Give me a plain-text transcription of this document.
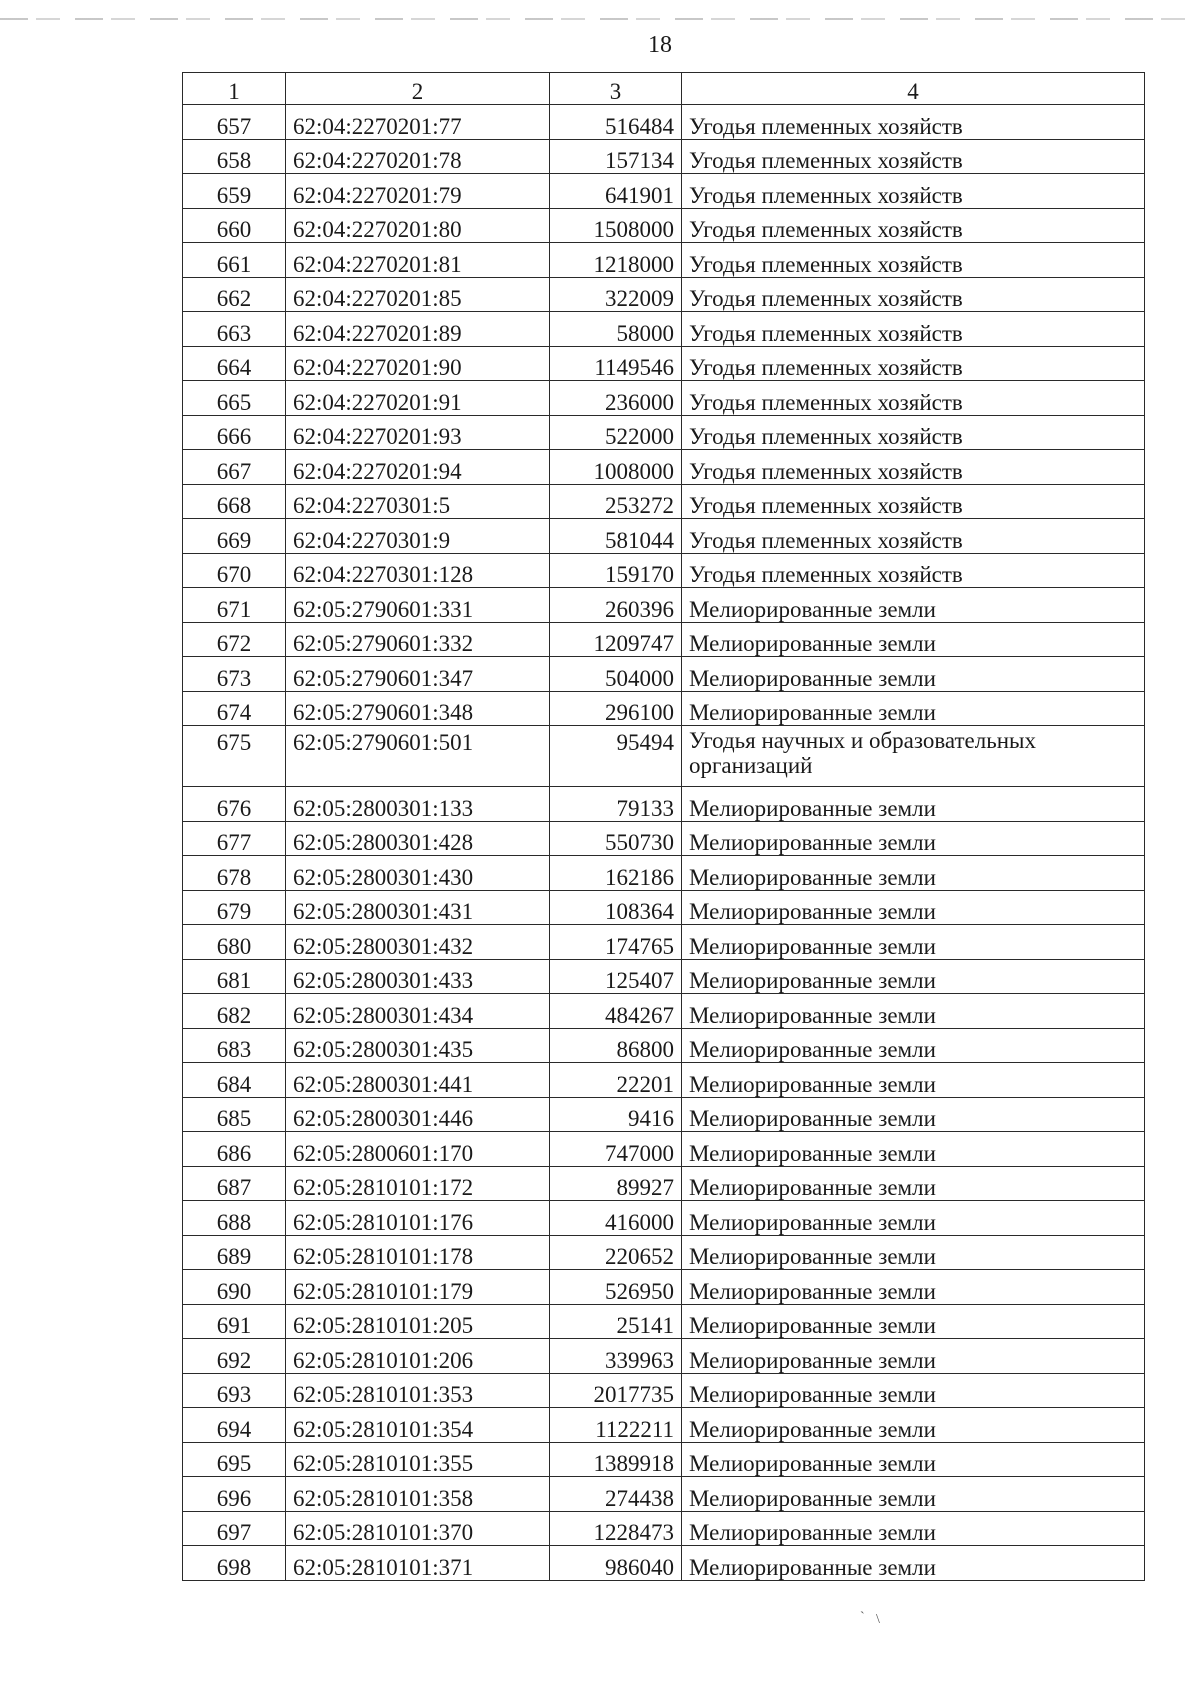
18
1	2	3	4
657	62:04:2270201:77	516484	Угодья племенных хозяйств
658	62:04:2270201:78	157134	Угодья племенных хозяйств
659	62:04:2270201:79	641901	Угодья племенных хозяйств
660	62:04:2270201:80	1508000	Угодья племенных хозяйств
661	62:04:2270201:81	1218000	Угодья племенных хозяйств
662	62:04:2270201:85	322009	Угодья племенных хозяйств
663	62:04:2270201:89	58000	Угодья племенных хозяйств
664	62:04:2270201:90	1149546	Угодья племенных хозяйств
665	62:04:2270201:91	236000	Угодья племенных хозяйств
666	62:04:2270201:93	522000	Угодья племенных хозяйств
667	62:04:2270201:94	1008000	Угодья племенных хозяйств
668	62:04:2270301:5	253272	Угодья племенных хозяйств
669	62:04:2270301:9	581044	Угодья племенных хозяйств
670	62:04:2270301:128	159170	Угодья племенных хозяйств
671	62:05:2790601:331	260396	Мелиорированные земли
672	62:05:2790601:332	1209747	Мелиорированные земли
673	62:05:2790601:347	504000	Мелиорированные земли
674	62:05:2790601:348	296100	Мелиорированные земли
675	62:05:2790601:501	95494	Угодья научных и образовательных организаций
676	62:05:2800301:133	79133	Мелиорированные земли
677	62:05:2800301:428	550730	Мелиорированные земли
678	62:05:2800301:430	162186	Мелиорированные земли
679	62:05:2800301:431	108364	Мелиорированные земли
680	62:05:2800301:432	174765	Мелиорированные земли
681	62:05:2800301:433	125407	Мелиорированные земли
682	62:05:2800301:434	484267	Мелиорированные земли
683	62:05:2800301:435	86800	Мелиорированные земли
684	62:05:2800301:441	22201	Мелиорированные земли
685	62:05:2800301:446	9416	Мелиорированные земли
686	62:05:2800601:170	747000	Мелиорированные земли
687	62:05:2810101:172	89927	Мелиорированные земли
688	62:05:2810101:176	416000	Мелиорированные земли
689	62:05:2810101:178	220652	Мелиорированные земли
690	62:05:2810101:179	526950	Мелиорированные земли
691	62:05:2810101:205	25141	Мелиорированные земли
692	62:05:2810101:206	339963	Мелиорированные земли
693	62:05:2810101:353	2017735	Мелиорированные земли
694	62:05:2810101:354	1122211	Мелиорированные земли
695	62:05:2810101:355	1389918	Мелиорированные земли
696	62:05:2810101:358	274438	Мелиорированные земли
697	62:05:2810101:370	1228473	Мелиорированные земли
698	62:05:2810101:371	986040	Мелиорированные земли
` \
